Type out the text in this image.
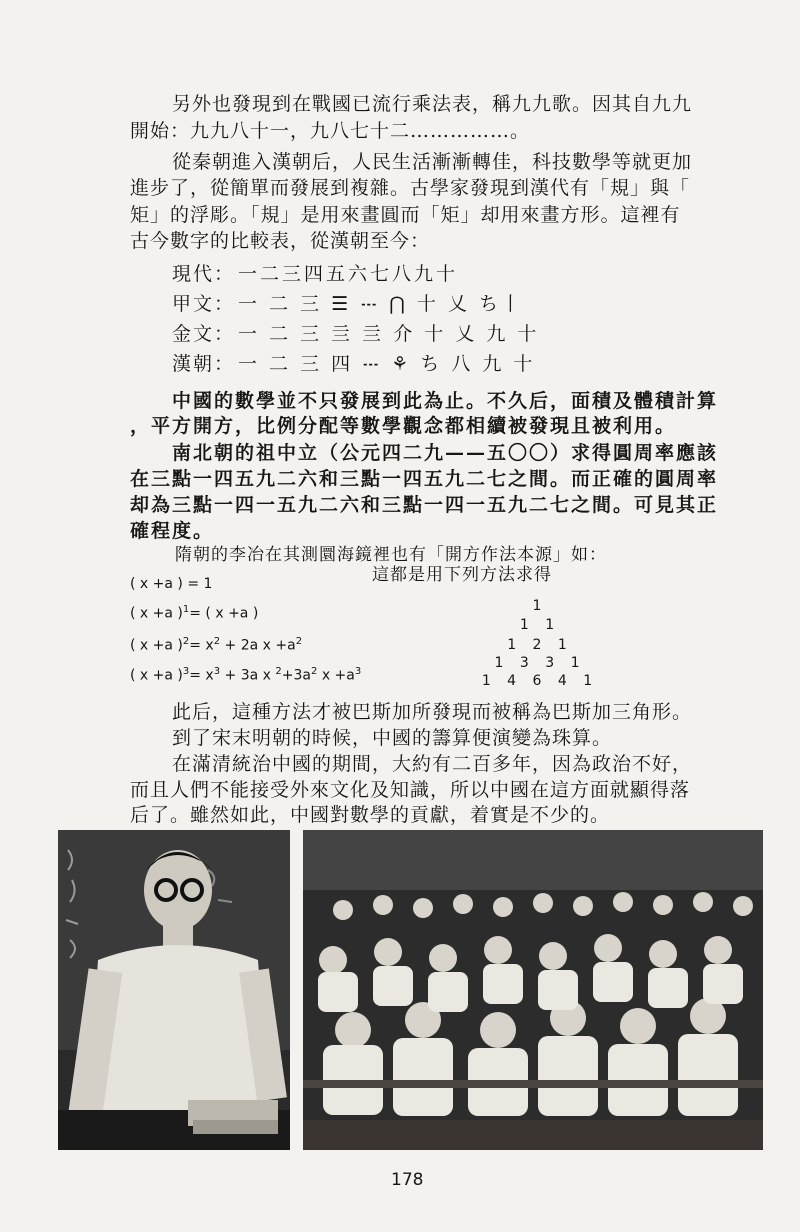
另外也發現到在戰國已流行乘法表，稱九九歌。因其自九九
開始：九九八十一，九八七十二……………。
從秦朝進入漢朝后，人民生活漸漸轉佳，科技數學等就更加
進步了，從簡單而發展到複雜。古學家發現到漢代有「規」與「
矩」的浮彫。「規」是用來畫圓而「矩」却用來畫方形。這裡有
古今數字的比較表，從漢朝至今：
現代： 一二三四五六七八九十
甲文： 一 二 三 ☰ 𝌀 ⋂ 十 乂 ち丨
金文： 一 二 三 亖 亖 介 十 乂 九 十
漢朝： 一 二 三 四 𝌀 ⚘ ち 八 九 十
中國的數學並不只發展到此為止。不久后，面積及體積計算
，平方開方，比例分配等數學觀念都相續被發現且被利用。
南北朝的祖中立（公元四二九——五〇〇）求得圓周率應該
在三點一四五九二六和三點一四五九二七之間。而正確的圓周率
却為三點一四一五九二六和三點一四一五九二七之間。可見其正
確程度。
隋朝的李冶在其測圜海鏡裡也有「開方作法本源」如：
這都是用下列方法求得
( x +a ) = 1
( x +a )$^1$= ( x +a )
( x +a )$^2= x^2 + 2a$ $x +a^2$
( x +a )$^3= x^3 + 3a$ x $^2+3a^2$ $x +a^3$
1
1 1
1 2 1
1 3 3 1
1 4 6 4 1
此后，這種方法才被巴斯加所發現而被稱為巴斯加三角形。
到了宋末明朝的時候，中國的籌算便演變為珠算。
在滿清統治中國的期間，大約有二百多年，因為政治不好，
而且人們不能接受外來文化及知識，所以中國在這方面就顯得落
后了。雖然如此，中國對數學的貢獻，着實是不少的。
178
